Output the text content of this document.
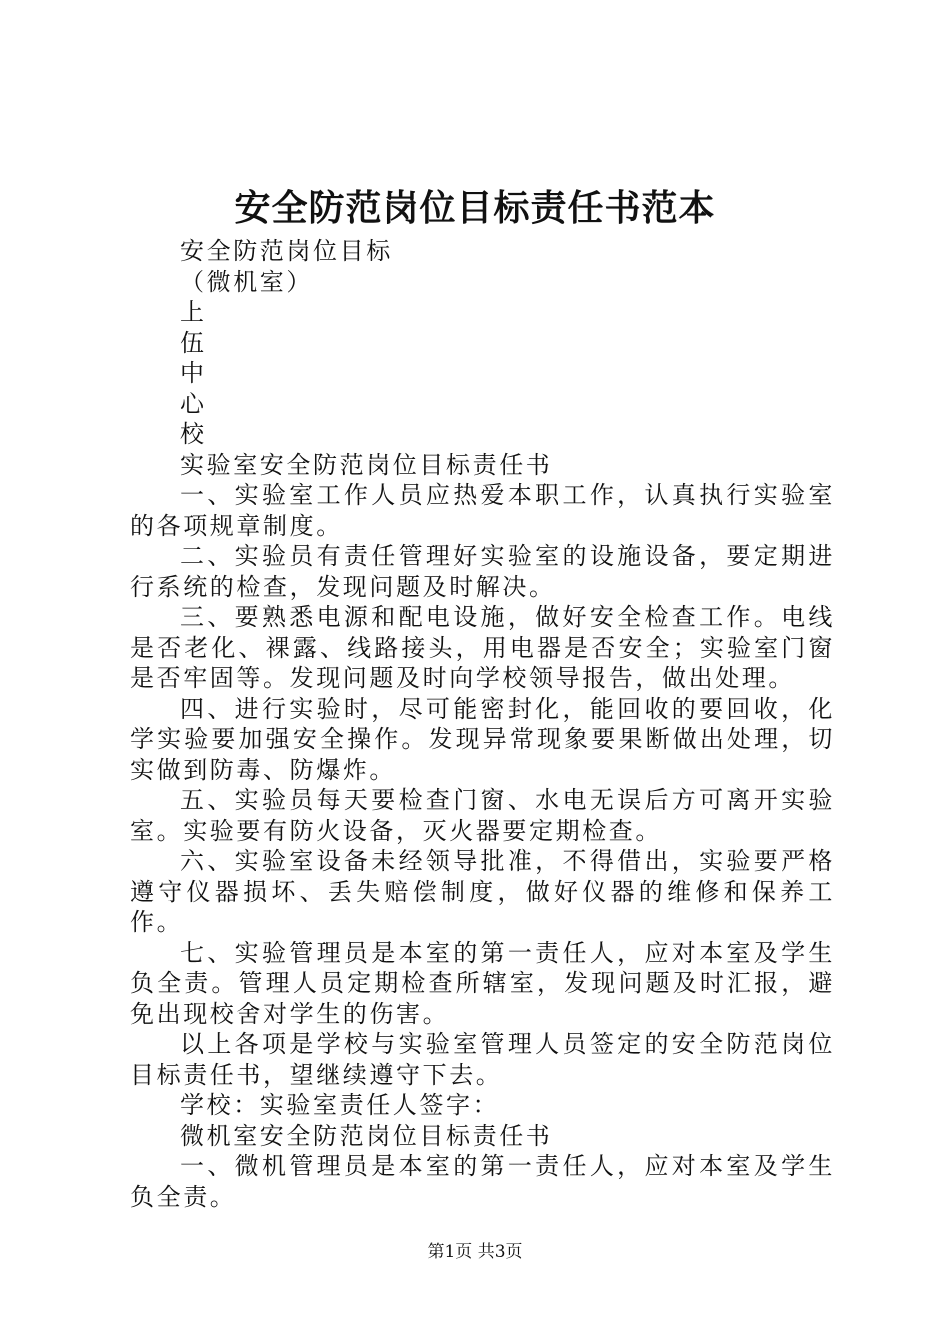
安全防范岗位目标责任书范本
安全防范岗位目标
（微机室）
上
伍
中
心
校
实验室安全防范岗位目标责任书

一、实验室工作人员应热爱本职工作，认真执行实验室的各项规章制度。

二、实验员有责任管理好实验室的设施设备，要定期进行系统的检查，发现问题及时解决。

三、要熟悉电源和配电设施，做好安全检查工作。电线是否老化、裸露、线路接头，用电器是否安全；实验室门窗是否牢固等。发现问题及时向学校领导报告，做出处理。

四、进行实验时，尽可能密封化，能回收的要回收，化学实验要加强安全操作。发现异常现象要果断做出处理，切实做到防毒、防爆炸。

五、实验员每天要检查门窗、水电无误后方可离开实验室。实验要有防火设备，灭火器要定期检查。

六、实验室设备未经领导批准，不得借出，实验要严格遵守仪器损坏、丢失赔偿制度，做好仪器的维修和保养工作。

七、实验管理员是本室的第一责任人，应对本室及学生负全责。管理人员定期检查所辖室，发现问题及时汇报，避免出现校舍对学生的伤害。

以上各项是学校与实验室管理人员签定的安全防范岗位目标责任书，望继续遵守下去。

学校：实验室责任人签字：
微机室安全防范岗位目标责任书

一、微机管理员是本室的第一责任人，应对本室及学生负全责。

第1页 共3页
